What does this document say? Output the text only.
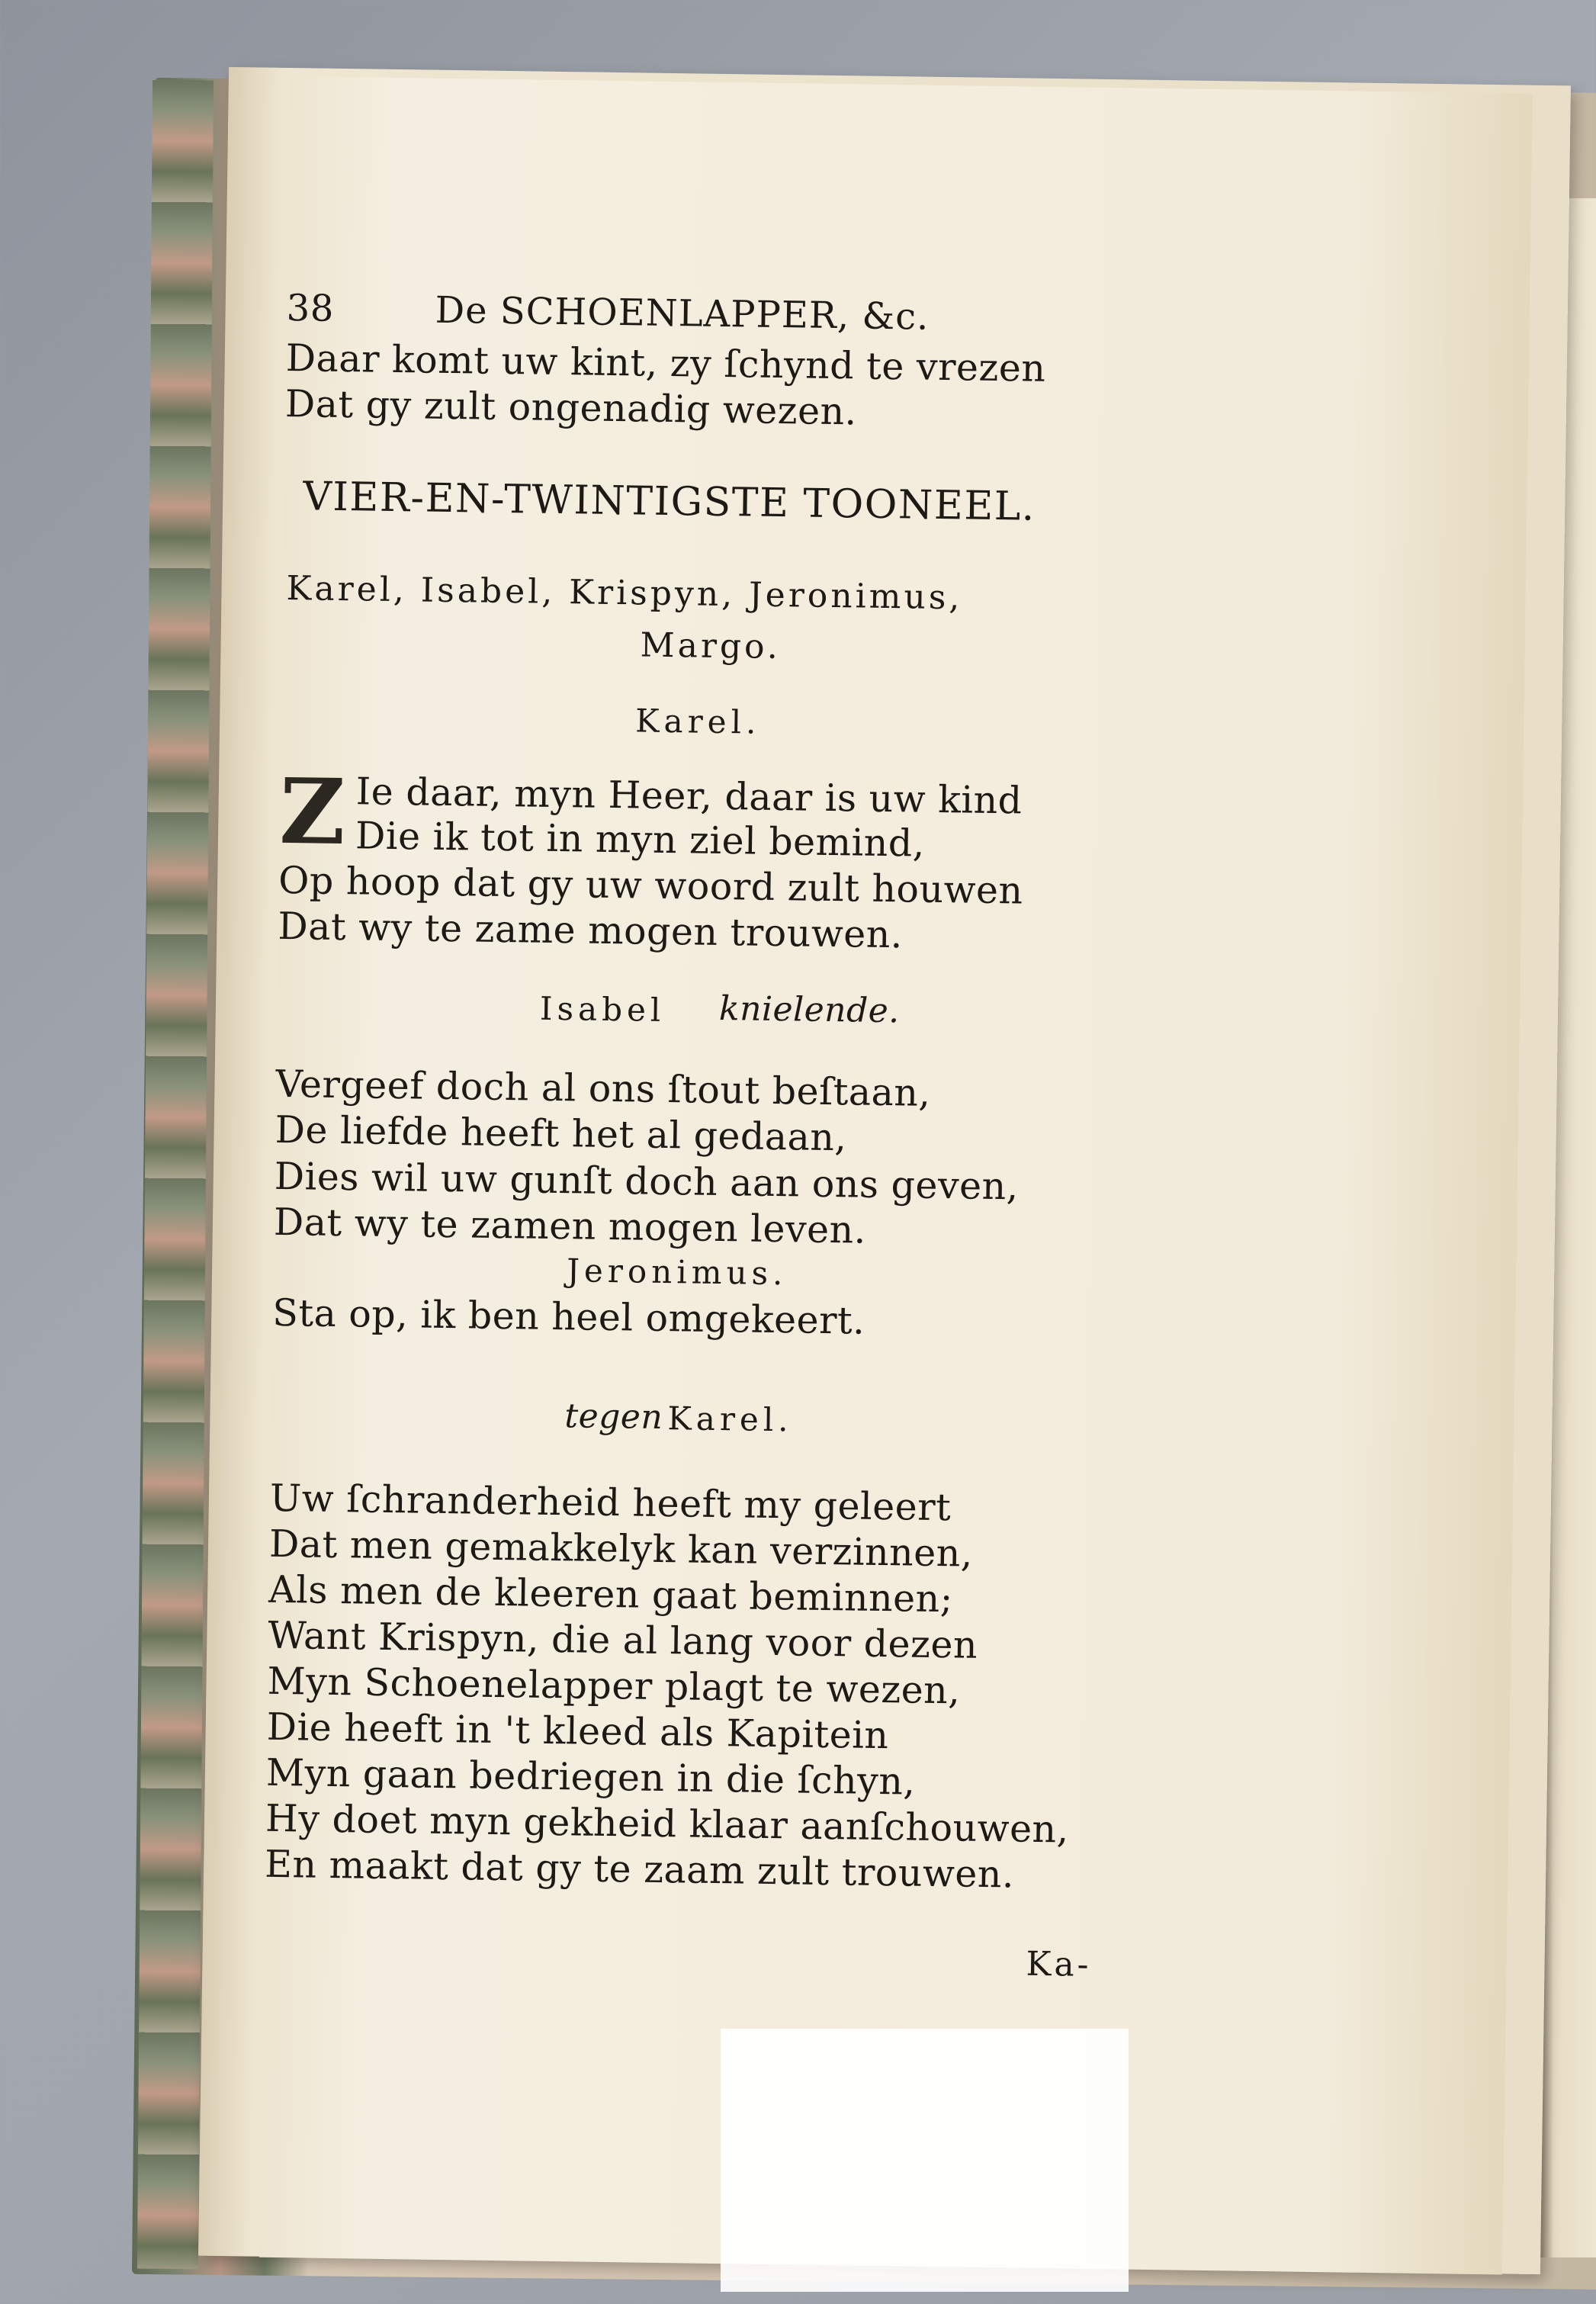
38	De SCHOENLAPPER, &c.
Daar komt uw kint, zy ſchynd te vrezen
Dat gy zult ongenadig wezen.
VIER-EN-TWINTIGSTE TOONEEL.
Karel, Isabel, Krispyn, Jeronimus,
Margo.
Karel.
Z Ie daar, myn Heer, daar is uw kind
Die ik tot in myn ziel bemind,
Op hoop dat gy uw woord zult houwen
Dat wy te zame mogen trouwen.
Isabel knielende.
Vergeef doch al ons ſtout beſtaan,
De liefde heeft het al gedaan,
Dies wil uw gunſt doch aan ons geven,
Dat wy te zamen mogen leven.
Jeronimus.
Sta op, ik ben heel omgekeert.
tegen Karel.
Uw ſchranderheid heeft my geleert
Dat men gemakkelyk kan verzinnen,
Als men de kleeren gaat beminnen;
Want Krispyn, die al lang voor dezen
Myn Schoenelapper plagt te wezen,
Die heeft in 't kleed als Kapitein
Myn gaan bedriegen in die ſchyn,
Hy doet myn gekheid klaar aanſchouwen,
En maakt dat gy te zaam zult trouwen.
Ka-
